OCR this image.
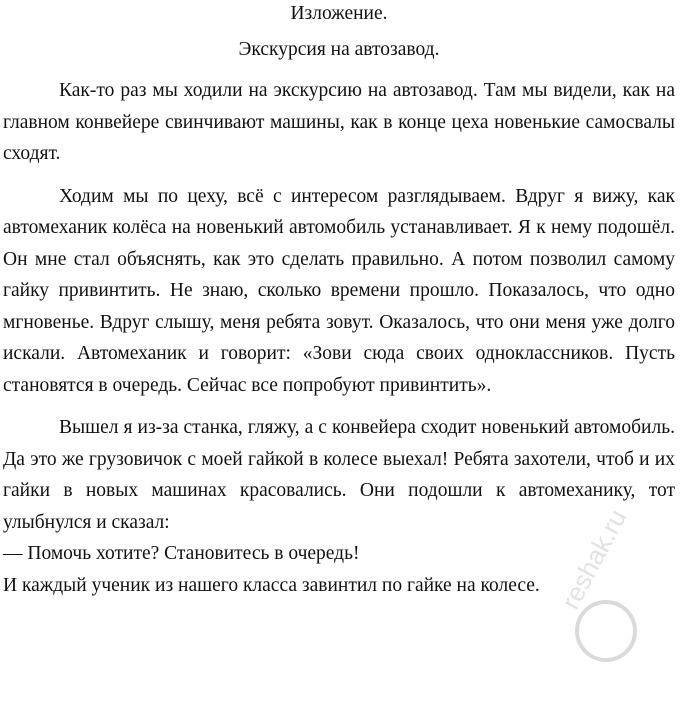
Изложение.

Экскурсия на автозавод.

Как-то раз мы ходили на экскурсию на автозавод. Там мы видели, как на главном конвейере свинчивают машины, как в конце цеха новенькие самосвалы сходят.

Ходим мы по цеху, всё с интересом разглядываем. Вдруг я вижу, как автомеханик колёса на новенький автомобиль устанавливает. Я к нему подошёл. Он мне стал объяснять, как это сделать правильно. А потом позволил самому гайку привинтить. Не знаю, сколько времени прошло. Показалось, что одно мгновенье. Вдруг слышу, меня ребята зовут. Оказалось, что они меня уже долго искали. Автомеханик и говорит: «Зови сюда своих одноклассников. Пусть становятся в очередь. Сейчас все попробуют привинтить».

Вышел я из-за станка, гляжу, а с конвейера сходит новенький автомобиль. Да это же грузовичок с моей гайкой в колесе выехал! Ребята захотели, чтоб и их гайки в новых машинах красовались. Они подошли к автомеханику, тот улыбнулся и сказал:

— Помочь хотите? Становитесь в очередь!

И каждый ученик из нашего класса завинтил по гайке на колесе. reshak.ru
